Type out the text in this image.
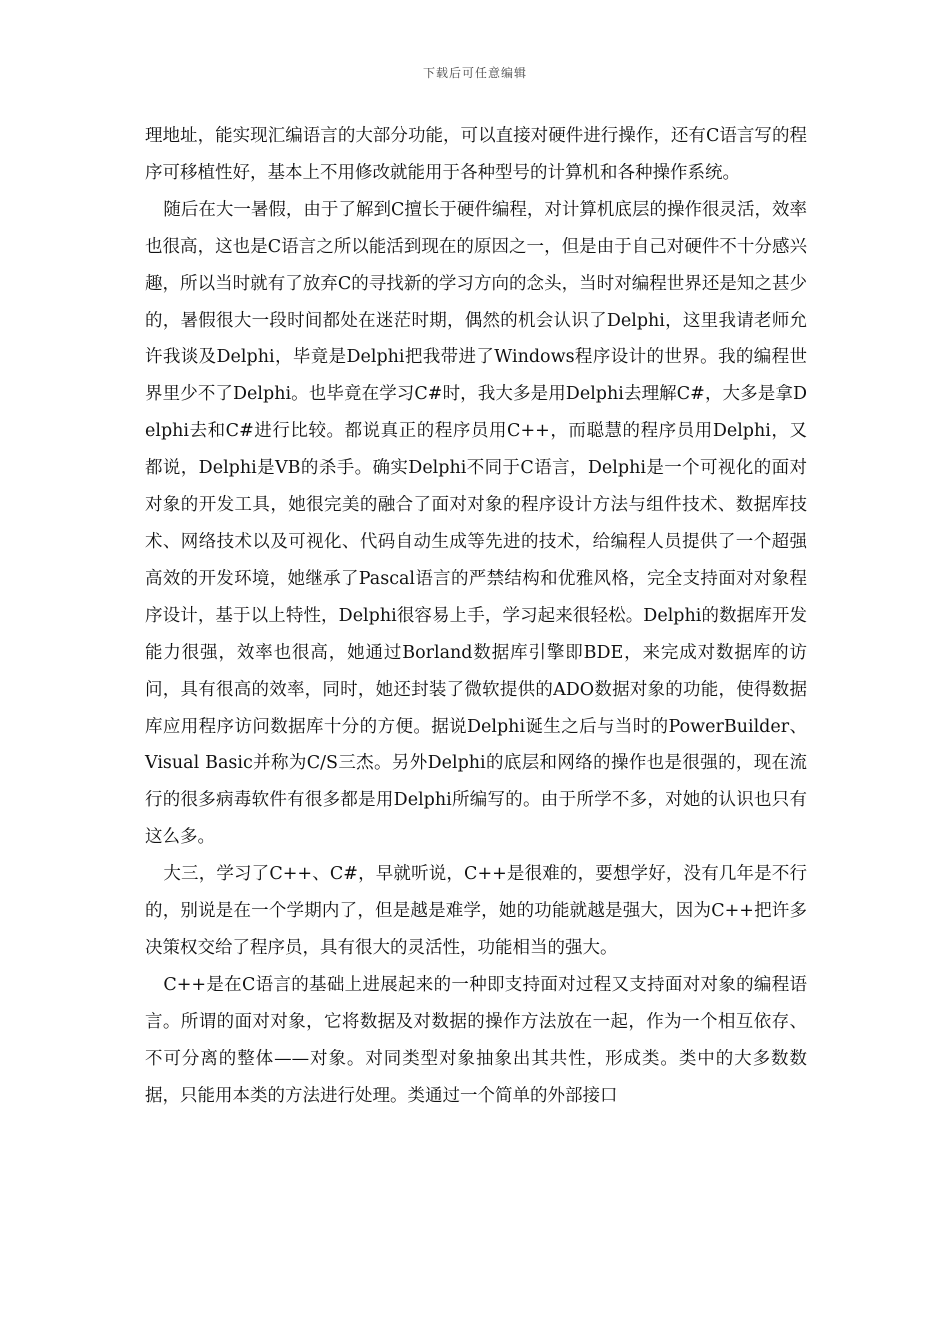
下载后可任意编辑

理地址，能实现汇编语言的大部分功能，可以直接对硬件进行操作，还有C语言写的程序可移植性好，基本上不用修改就能用于各种型号的计算机和各种操作系统。

随后在大一暑假，由于了解到C擅长于硬件编程，对计算机底层的操作很灵活，效率也很高，这也是C语言之所以能活到现在的原因之一，但是由于自己对硬件不十分感兴趣，所以当时就有了放弃C的寻找新的学习方向的念头，当时对编程世界还是知之甚少的，暑假很大一段时间都处在迷茫时期，偶然的机会认识了Delphi，这里我请老师允许我谈及Delphi，毕竟是Delphi把我带进了Windows程序设计的世界。我的编程世界里少不了Delphi。也毕竟在学习C#时，我大多是用Delphi去理解C#，大多是拿Delphi去和C#进行比较。都说真正的程序员用C++，而聪慧的程序员用Delphi，又都说，Delphi是VB的杀手。确实Delphi不同于C语言，Delphi是一个可视化的面对对象的开发工具，她很完美的融合了面对对象的程序设计方法与组件技术、数据库技术、网络技术以及可视化、代码自动生成等先进的技术，给编程人员提供了一个超强高效的开发环境，她继承了Pascal语言的严禁结构和优雅风格，完全支持面对对象程序设计，基于以上特性，Delphi很容易上手，学习起来很轻松。Delphi的数据库开发能力很强，效率也很高，她通过Borland数据库引擎即BDE，来完成对数据库的访问，具有很高的效率，同时，她还封装了微软提供的ADO数据对象的功能，使得数据库应用程序访问数据库十分的方便。据说Delphi诞生之后与当时的PowerBuilder、Visual Basic并称为C/S三杰。另外Delphi的底层和网络的操作也是很强的，现在流行的很多病毒软件有很多都是用Delphi所编写的。由于所学不多，对她的认识也只有这么多。

大三，学习了C++、C#，早就听说，C++是很难的，要想学好，没有几年是不行的，别说是在一个学期内了，但是越是难学，她的功能就越是强大，因为C++把许多决策权交给了程序员，具有很大的灵活性，功能相当的强大。

C++是在C语言的基础上进展起来的一种即支持面对过程又支持面对对象的编程语言。所谓的面对对象，它将数据及对数据的操作方法放在一起，作为一个相互依存、不可分离的整体——对象。对同类型对象抽象出其共性，形成类。类中的大多数数据，只能用本类的方法进行处理。类通过一个简单的外部接口
